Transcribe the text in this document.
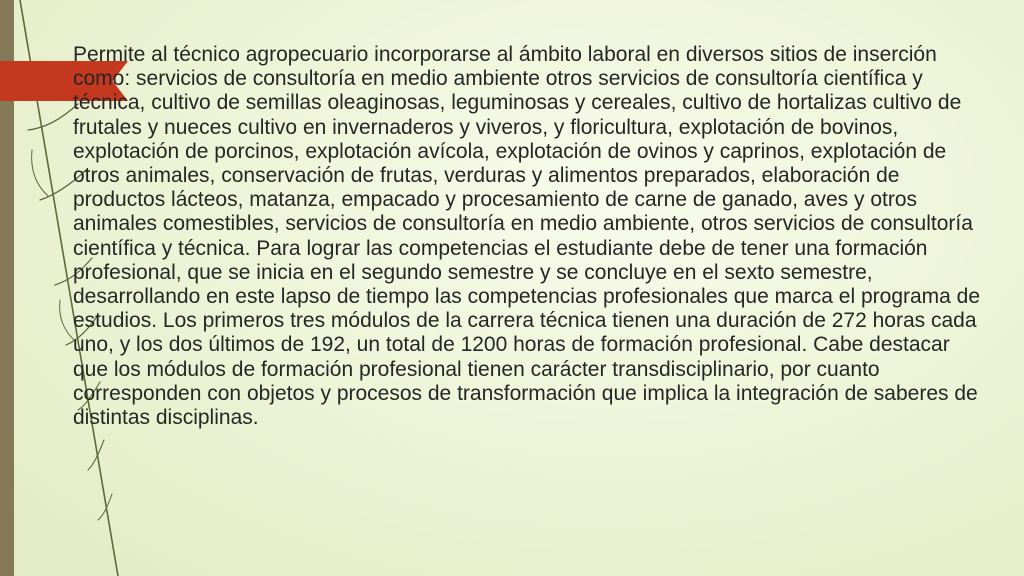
Permite al técnico agropecuario incorporarse al ámbito laboral en diversos sitios de inserción como: servicios de consultoría en medio ambiente otros servicios de consultoría científica y técnica, cultivo de semillas oleaginosas, leguminosas y cereales, cultivo de hortalizas cultivo de frutales y nueces cultivo en invernaderos y viveros, y floricultura, explotación de bovinos, explotación de porcinos, explotación avícola, explotación de ovinos y caprinos, explotación de otros animales, conservación de frutas, verduras y alimentos preparados, elaboración de productos lácteos, matanza, empacado y procesamiento de carne de ganado, aves y otros animales comestibles, servicios de consultoría en medio ambiente, otros servicios de consultoría científica y técnica. Para lograr las competencias el estudiante debe de tener una formación profesional, que se inicia en el segundo semestre y se concluye en el sexto semestre, desarrollando en este lapso de tiempo las competencias profesionales que marca el programa de estudios. Los primeros tres módulos de la carrera técnica tienen una duración de 272 horas cada uno, y los dos últimos de 192, un total de 1200 horas de formación profesional. Cabe destacar que los módulos de formación profesional tienen carácter transdisciplinario, por cuanto corresponden con objetos y procesos de transformación que implica la integración de saberes de distintas disciplinas.
